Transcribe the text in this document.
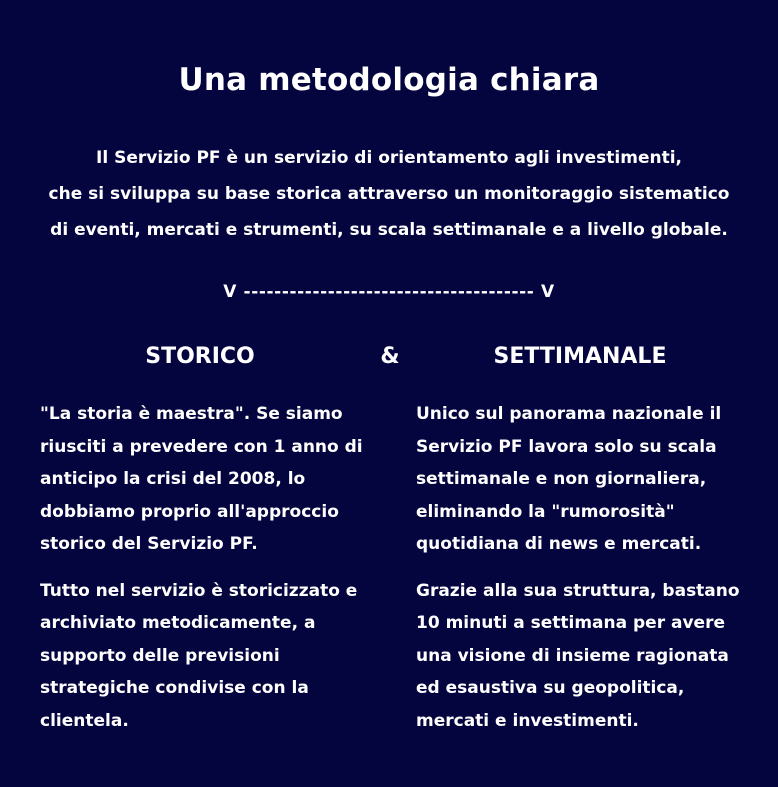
Una metodologia chiara
Il Servizio PF è un servizio di orientamento agli investimenti,
che si sviluppa su base storica attraverso un monitoraggio sistematico
di eventi, mercati e strumenti, su scala settimanale e a livello globale.
V -------------------------------------- V
STORICO	&	SETTIMANALE

"La storia è maestra". Se siamo riusciti a prevedere con 1 anno di anticipo la crisi del 2008, lo dobbiamo proprio all'approccio storico del Servizio PF.

Tutto nel servizio è storicizzato e archiviato metodicamente, a supporto delle previsioni strategiche condivise con la clientela.

Unico sul panorama nazionale il Servizio PF lavora solo su scala settimanale e non giornaliera, eliminando la "rumorosità" quotidiana di news e mercati.

Grazie alla sua struttura, bastano 10 minuti a settimana per avere una visione di insieme ragionata ed esaustiva su geopolitica, mercati e investimenti.
